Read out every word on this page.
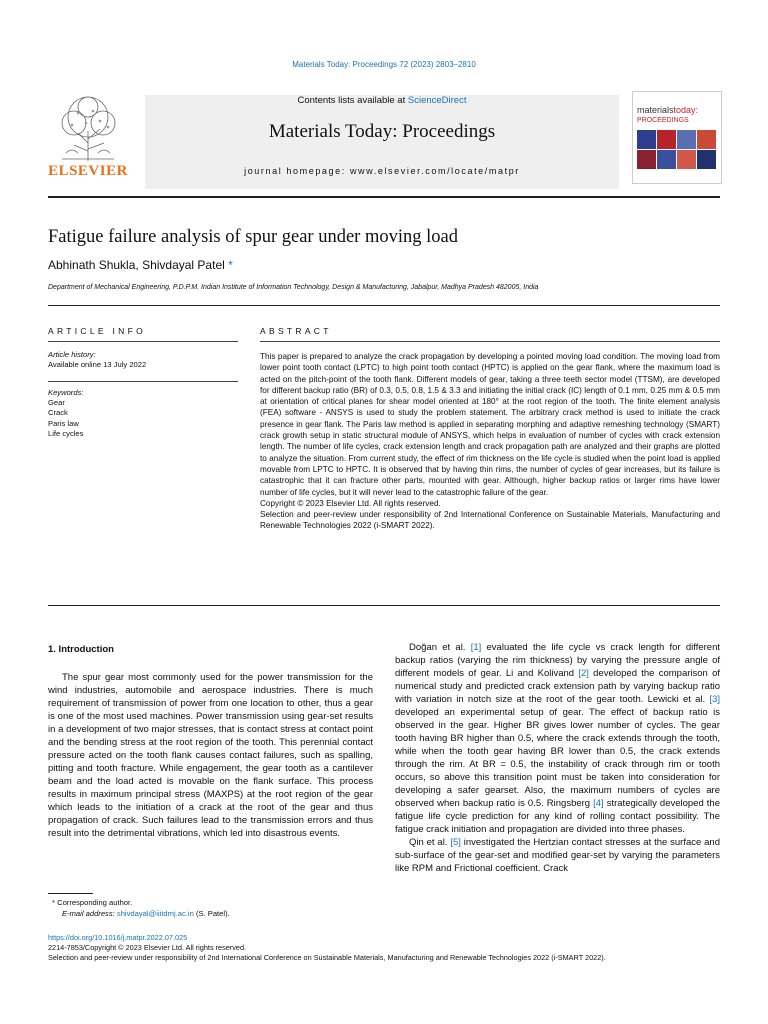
Materials Today: Proceedings 72 (2023) 2803–2810
ELSEVIER
Contents lists available at ScienceDirect
Materials Today: Proceedings
journal homepage: www.elsevier.com/locate/matpr
materialstoday:
PROCEEDINGS
Fatigue failure analysis of spur gear under moving load
Abhinath Shukla, Shivdayal Patel *
Department of Mechanical Engineering, P.D.P.M. Indian Institute of Information Technology, Design & Manufacturing, Jabalpur, Madhya Pradesh 482005, India
ARTICLE INFO
Article history:
Available online 13 July 2022
Keywords:
Gear
Crack
Paris law
Life cycles
ABSTRACT
This paper is prepared to analyze the crack propagation by developing a pointed moving load condition. The moving load from lower point tooth contact (LPTC) to high point tooth contact (HPTC) is applied on the gear flank, where the maximum load is acted on the pitch-point of the tooth flank. Different models of gear, taking a three teeth sector model (TTSM), are developed for different backup ratio (BR) of 0.3, 0.5, 0.8, 1.5 & 3.3 and initiating the initial crack (IC) length of 0.1 mm, 0.25 mm & 0.5 mm at orientation of critical planes for shear model oriented at 180° at the root region of the tooth. The finite element analysis (FEA) software - ANSYS is used to study the problem statement. The arbitrary crack method is used to initiate the crack presence in gear flank. The Paris law method is applied in separating morphing and adaptive remeshing technology (SMART) crack growth setup in static structural module of ANSYS, which helps in evaluation of number of cycles with crack extension length. The number of life cycles, crack extension length and crack propagation path are analyzed and their graphs are plotted to analyze the situation. From current study, the effect of rim thickness on the life cycle is studied when the point load is applied movable from LPTC to HPTC. It is observed that by having thin rims, the number of cycles of gear increases, but its failure is catastrophic that it can fracture other parts, mounted with gear. Although, higher backup ratios or larger rims have lower number of life cycles, but it will never lead to the catastrophic failure of the gear.
Copyright © 2023 Elsevier Ltd. All rights reserved.
Selection and peer-review under responsibility of 2nd International Conference on Sustainable Materials, Manufacturing and Renewable Technologies 2022 (i-SMART 2022).
1. Introduction

The spur gear most commonly used for the power transmission for the wind industries, automobile and aerospace industries. There is much requirement of transmission of power from one location to other, thus a gear is one of the most used machines. Power transmission using gear-set results in a development of two major stresses, that is contact stress at contact point and the bending stress at the root region of the tooth. This perennial contact pressure acted on the tooth flank causes contact failures, such as spalling, pitting and tooth fracture. While engagement, the gear tooth as a cantilever beam and the load acted is movable on the flank surface. This process results in maximum principal stress (MAXPS) at the root region of the gear which leads to the initiation of a crack at the root of the gear and thus propagation of crack. Such failures lead to the transmission errors and thus result into the detrimental vibrations, which led into disastrous events.

Doğan et al. [1] evaluated the life cycle vs crack length for different backup ratios (varying the rim thickness) by varying the pressure angle of different models of gear. Li and Kolivand [2] developed the comparison of numerical study and predicted crack extension path by varying backup ratio with variation in notch size at the root of the gear tooth. Lewicki et al. [3] developed an experimental setup of gear. The effect of backup ratio is observed in the gear. Higher BR gives lower number of cycles. The gear tooth having BR higher than 0.5, where the crack extends through the tooth, while when the tooth gear having BR lower than 0.5, the crack extends through the rim. At BR = 0.5, the instability of crack through rim or tooth occurs, so above this transition point must be taken into consideration for developing a safer gearset. Also, the maximum numbers of cycles are observed when backup ratio is 0.5. Ringsberg [4] strategically developed the fatigue life cycle prediction for any kind of rolling contact possibility. The fatigue crack initiation and propagation are divided into three phases.

Qin et al. [5] investigated the Hertzian contact stresses at the surface and sub-surface of the gear-set and modified gear-set by varying the parameters like RPM and Frictional coefficient. Crack

* Corresponding author.
E-mail address: shivdayal@iiitdmj.ac.in (S. Patel).
https://doi.org/10.1016/j.matpr.2022.07.025
2214-7853/Copyright © 2023 Elsevier Ltd. All rights reserved.
Selection and peer-review under responsibility of 2nd International Conference on Sustainable Materials, Manufacturing and Renewable Technologies 2022 (i-SMART 2022).
